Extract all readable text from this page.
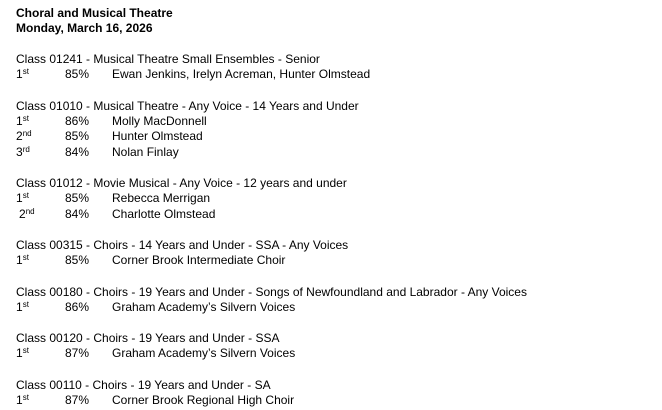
Choral and Musical Theatre
Monday, March 16, 2026
Class 01241 - Musical Theatre Small Ensembles - Senior
1st	85% Ewan Jenkins, Irelyn Acreman, Hunter Olmstead
Class 01010 - Musical Theatre - Any Voice - 14 Years and Under
1st	86% Molly MacDonnell
2nd	85% Hunter Olmstead
3rd	84% Nolan Finlay
Class 01012 - Movie Musical - Any Voice - 12 years and under
1st	85% Rebecca Merrigan
2nd	84% Charlotte Olmstead
Class 00315 - Choirs - 14 Years and Under - SSA - Any Voices
1st	85% Corner Brook Intermediate Choir
Class 00180 - Choirs - 19 Years and Under - Songs of Newfoundland and Labrador - Any Voices
1st	86% Graham Academy’s Silvern Voices
Class 00120 - Choirs - 19 Years and Under - SSA
1st	87% Graham Academy’s Silvern Voices
Class 00110 - Choirs - 19 Years and Under - SA
1st	87% Corner Brook Regional High Choir
